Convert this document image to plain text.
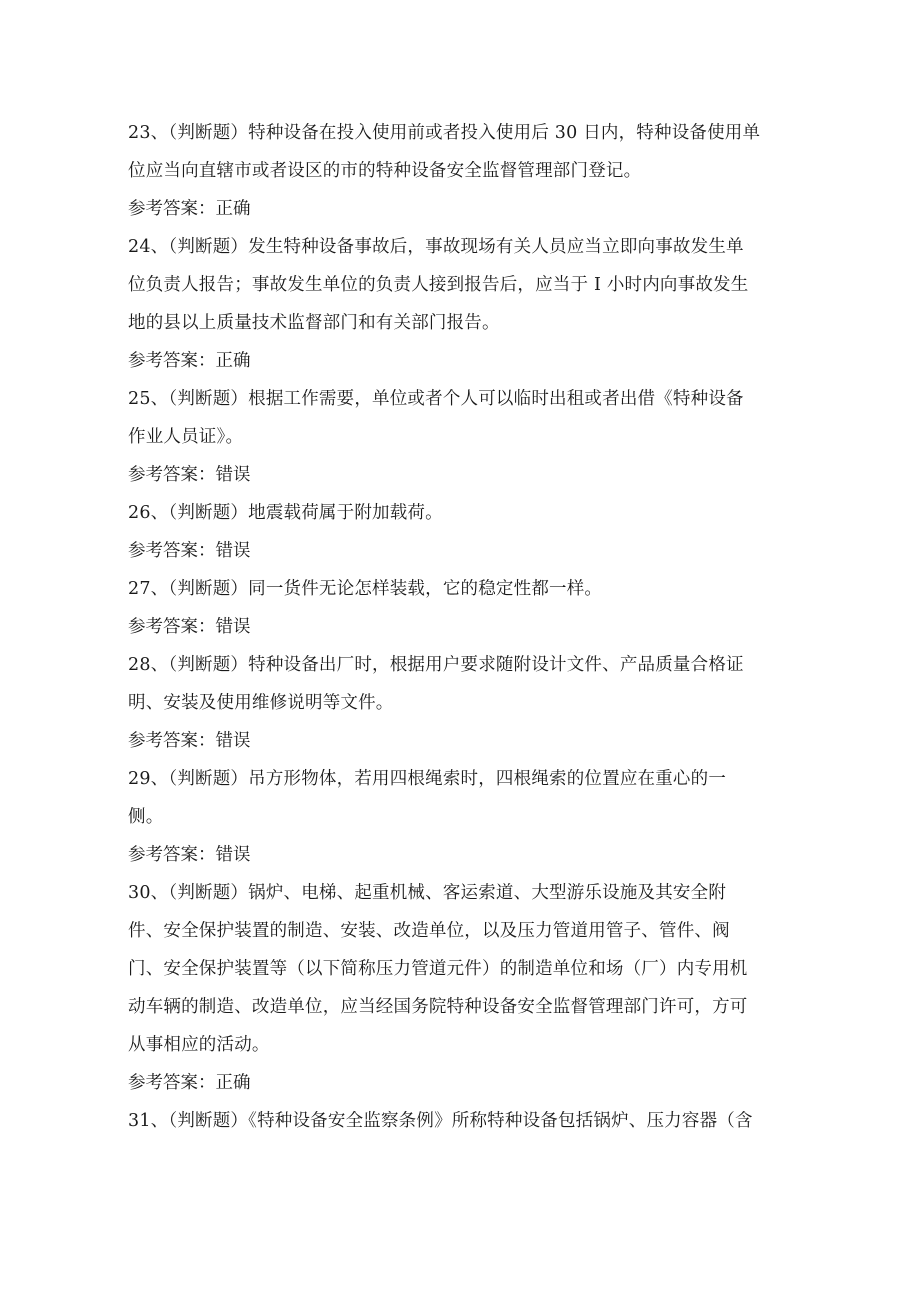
23、（判断题）特种设备在投入使用前或者投入使用后 30 日内，特种设备使用单
位应当向直辖市或者设区的市的特种设备安全监督管理部门登记。
参考答案：正确
24、（判断题）发生特种设备事故后，事故现场有关人员应当立即向事故发生单
位负责人报告；事故发生单位的负责人接到报告后，应当于 I 小时内向事故发生
地的县以上质量技术监督部门和有关部门报告。
参考答案：正确
25、（判断题）根据工作需要，单位或者个人可以临时出租或者出借《特种设备
作业人员证》。
参考答案：错误
26、（判断题）地震载荷属于附加载荷。
参考答案：错误
27、（判断题）同一货件无论怎样装载，它的稳定性都一样。
参考答案：错误
28、（判断题）特种设备出厂时，根据用户要求随附设计文件、产品质量合格证
明、安装及使用维修说明等文件。
参考答案：错误
29、（判断题）吊方形物体，若用四根绳索时，四根绳索的位置应在重心的一
侧。
参考答案：错误
30、（判断题）锅炉、电梯、起重机械、客运索道、大型游乐设施及其安全附
件、安全保护装置的制造、安装、改造单位，以及压力管道用管子、管件、阀
门、安全保护装置等（以下简称压力管道元件）的制造单位和场（厂）内专用机
动车辆的制造、改造单位，应当经国务院特种设备安全监督管理部门许可，方可
从事相应的活动。
参考答案：正确
31、（判断题）《特种设备安全监察条例》所称特种设备包括锅炉、压力容器（含
